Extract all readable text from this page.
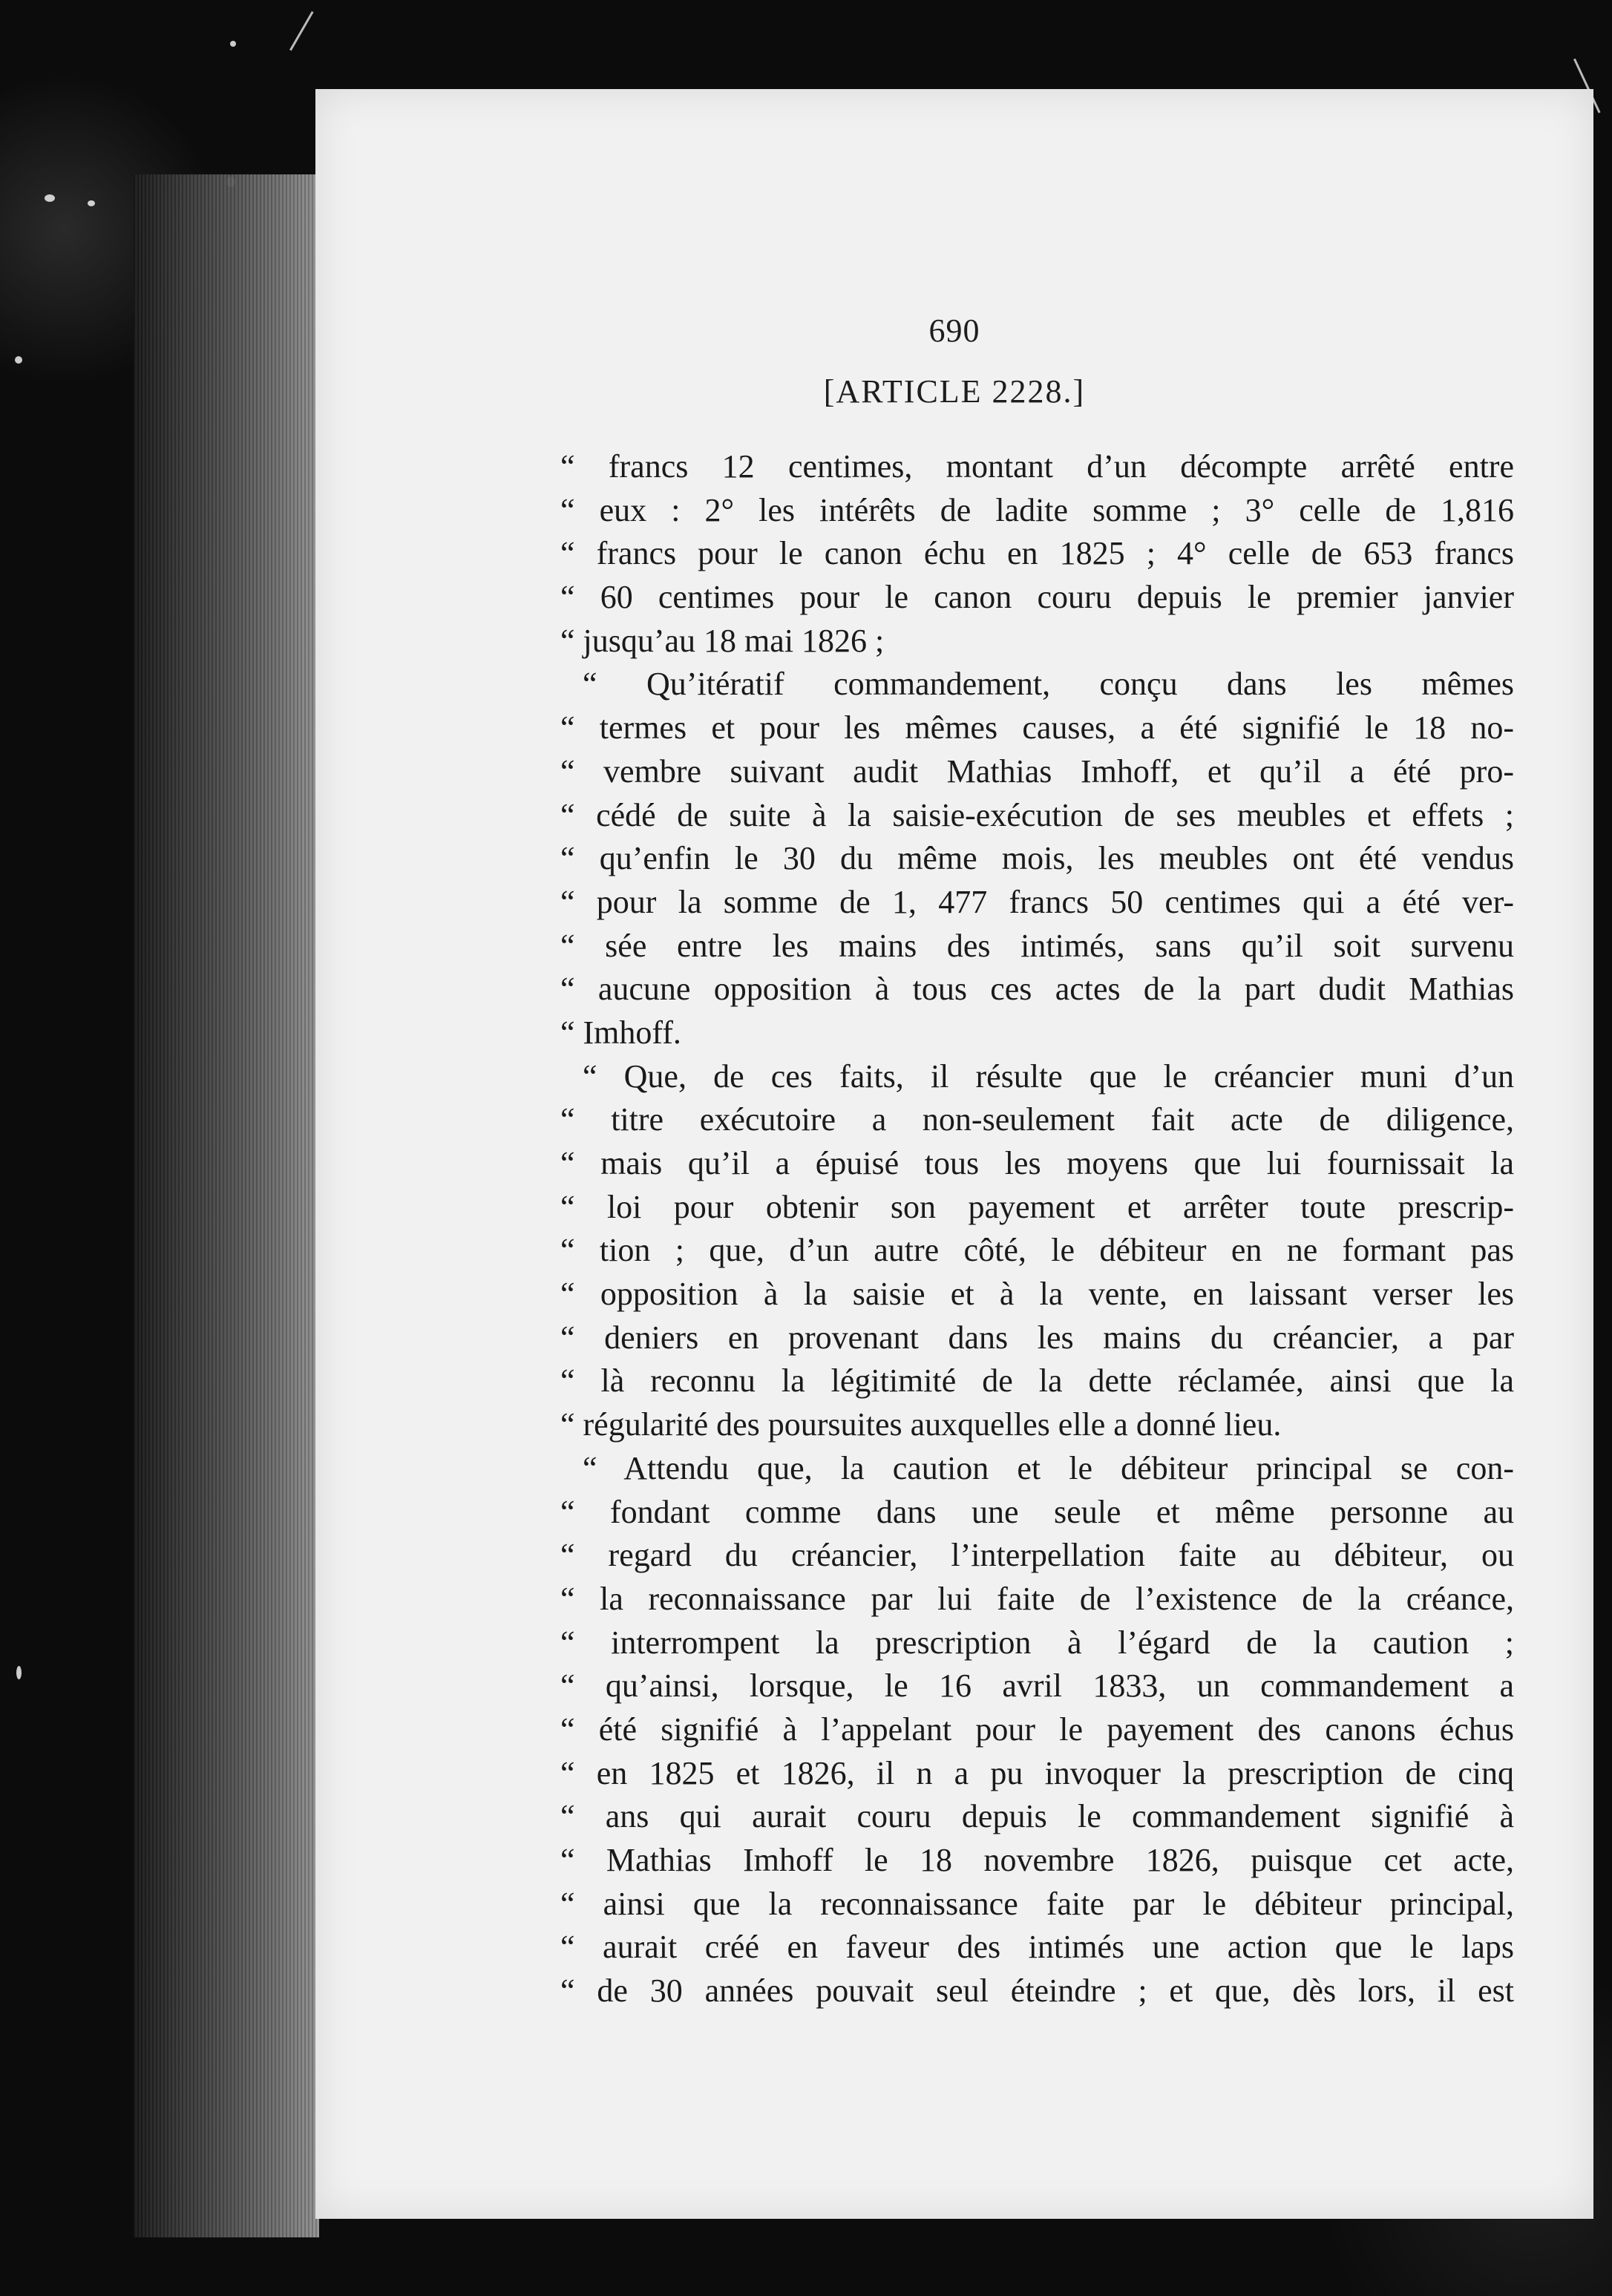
690
[ARTICLE 2228.]
“ francs 12 centimes, montant d’un décompte arrêté entre
“ eux : 2° les intérêts de ladite somme ; 3° celle de 1,816
“ francs pour le canon échu en 1825 ; 4° celle de 653 francs
“ 60 centimes pour le canon couru depuis le premier janvier
“ jusqu’au 18 mai 1826 ;
“ Qu’itératif commandement, conçu dans les mêmes
“ termes et pour les mêmes causes, a été signifié le 18 no-
“ vembre suivant audit Mathias Imhoff, et qu’il a été pro-
“ cédé de suite à la saisie-exécution de ses meubles et effets ;
“ qu’enfin le 30 du même mois, les meubles ont été vendus
“ pour la somme de 1, 477 francs 50 centimes qui a été ver-
“ sée entre les mains des intimés, sans qu’il soit survenu
“ aucune opposition à tous ces actes de la part dudit Mathias
“ Imhoff.
“ Que, de ces faits, il résulte que le créancier muni d’un
“ titre exécutoire a non-seulement fait acte de diligence,
“ mais qu’il a épuisé tous les moyens que lui fournissait la
“ loi pour obtenir son payement et arrêter toute prescrip-
“ tion ; que, d’un autre côté, le débiteur en ne formant pas
“ opposition à la saisie et à la vente, en laissant verser les
“ deniers en provenant dans les mains du créancier, a par
“ là reconnu la légitimité de la dette réclamée, ainsi que la
“ régularité des poursuites auxquelles elle a donné lieu.
“ Attendu que, la caution et le débiteur principal se con-
“ fondant comme dans une seule et même personne au
“ regard du créancier, l’interpellation faite au débiteur, ou
“ la reconnaissance par lui faite de l’existence de la créance,
“ interrompent la prescription à l’égard de la caution ;
“ qu’ainsi, lorsque, le 16 avril 1833, un commandement a
“ été signifié à l’appelant pour le payement des canons échus
“ en 1825 et 1826, il n a pu invoquer la prescription de cinq
“ ans qui aurait couru depuis le commandement signifié à
“ Mathias Imhoff le 18 novembre 1826, puisque cet acte,
“ ainsi que la reconnaissance faite par le débiteur principal,
“ aurait créé en faveur des intimés une action que le laps
“ de 30 années pouvait seul éteindre ; et que, dès lors, il est
